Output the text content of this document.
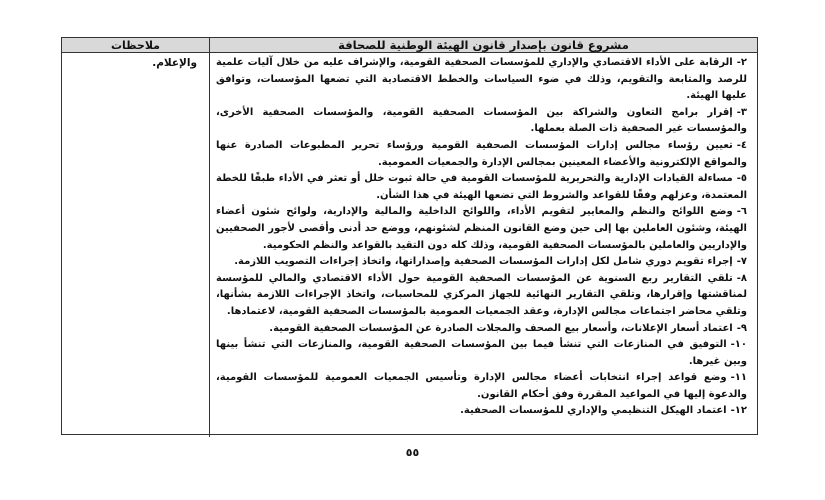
ملاحظات	مشروع قانون بإصدار قانون الهيئة الوطنية للصحافة
والإعلام.	٢-الرقابة على الأداء الاقتصادي والإداري للمؤسسات الصحفية القومية، والإشراف عليه من خلال آليات علمية للرصد والمتابعة والتقويم، وذلك في ضوء السياسات والخطط الاقتصادية التي تضعها المؤسسات، وتوافق عليها الهيئة.

٣-إقرار برامج التعاون والشراكة بين المؤسسات الصحفية القومية، والمؤسسات الصحفية الأخرى، والمؤسسات غير الصحفية ذات الصلة بعملها.

٤-تعيين رؤساء مجالس إدارات المؤسسات الصحفية القومية ورؤساء تحرير المطبوعات الصادرة عنها والمواقع الإلكترونية والأعضاء المعينين بمجالس الإدارة والجمعيات العمومية.

٥-مساءلة القيادات الإدارية والتحريرية للمؤسسات القومية في حالة ثبوت خلل أو تعثر في الأداء طبقًا للخطة المعتمدة، وعزلهم وفقًا للقواعد والشروط التي تضعها الهيئة في هذا الشأن.

٦-وضع اللوائح والنظم والمعايير لتقويم الأداء، واللوائح الداخلية والمالية والإدارية، ولوائح شئون أعضاء الهيئة، وشئون العاملين بها إلى حين وضع القانون المنظم لشئونهم، ووضع حد أدنى وأقصى لأجور الصحفيين والإداريين والعاملين بالمؤسسات الصحفية القومية، وذلك كله دون التقيد بالقواعد والنظم الحكومية.

٧-إجراء تقويم دوري شامل لكل إدارات المؤسسات الصحفية وإصداراتها، واتخاذ إجراءات التصويب اللازمة.

٨-تلقي التقارير ربع السنوية عن المؤسسات الصحفية القومية حول الأداء الاقتصادي والمالي للمؤسسة لمناقشتها وإقرارها، وتلقي التقارير النهائية للجهاز المركزي للمحاسبات، واتخاذ الإجراءات اللازمة بشأنها، وتلقي محاضر اجتماعات مجالس الإدارة، وعقد الجمعيات العمومية بالمؤسسات الصحفية القومية، لاعتمادها.

٩-اعتماد أسعار الإعلانات، وأسعار بيع الصحف والمجلات الصادرة عن المؤسسات الصحفية القومية.

١٠-التوفيق في المنازعات التي تنشأ فيما بين المؤسسات الصحفية القومية، والمنازعات التي تنشأ بينها وبين غيرها.

١١-وضع قواعد إجراء انتخابات أعضاء مجالس الإدارة وتأسيس الجمعيات العمومية للمؤسسات القومية، والدعوة إليها في المواعيد المقررة وفق أحكام القانون.

١٢-اعتماد الهيكل التنظيمي والإداري للمؤسسات الصحفية.

٥٥
